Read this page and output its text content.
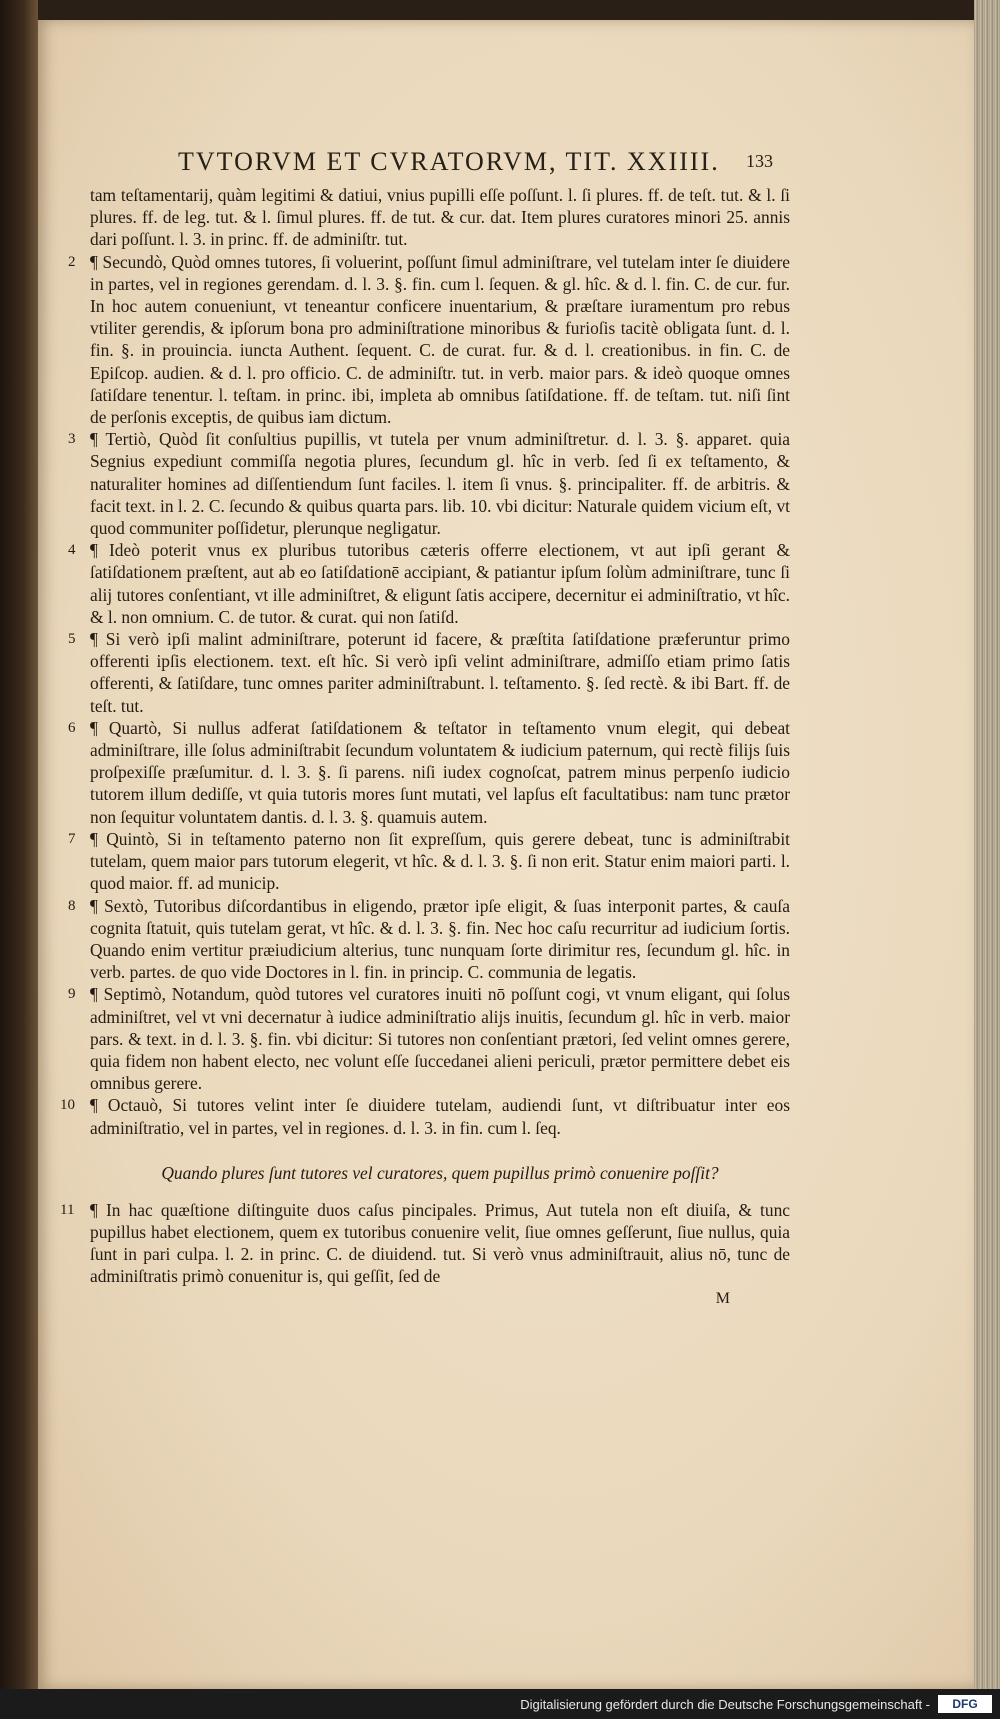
TVTORVM ET CVRATORVM, TIT. XXIIII.	133

tam teſtamentarij, quàm legitimi & datiui, vnius pupilli eſſe poſſunt. l. ſi plures. ff. de teſt. tut. & l. ſi plures. ff. de leg. tut. & l. ſimul plures. ff. de tut. & cur. dat. Item plures curatores minori 25. annis dari poſſunt. l. 3. in princ. ff. de adminiſtr. tut.

2 ¶ Secundò, Quòd omnes tutores, ſi voluerint, poſſunt ſimul adminiſtrare, vel tutelam inter ſe diuidere in partes, vel in regiones gerendam. d. l. 3. §. fin. cum l. ſequen. & gl. hîc. & d. l. fin. C. de cur. fur. In hoc autem conueniunt, vt teneantur conficere inuentarium, & præſtare iuramentum pro rebus vtiliter gerendis, & ipſorum bona pro adminiſtratione minoribus & furioſis tacitè obligata ſunt. d. l. fin. §. in prouincia. iuncta Authent. ſequent. C. de curat. fur. & d. l. creationibus. in fin. C. de Epiſcop. audien. & d. l. pro officio. C. de adminiſtr. tut. in verb. maior pars. & ideò quoque omnes ſatiſdare tenentur. l. teſtam. in princ. ibi, impleta ab omnibus ſatiſdatione. ff. de teſtam. tut. niſi ſint de perſonis exceptis, de quibus iam dictum.

3 ¶ Tertiò, Quòd ſit conſultius pupillis, vt tutela per vnum adminiſtretur. d. l. 3. §. apparet. quia Segnius expediunt commiſſa negotia plures, ſecundum gl. hîc in verb. ſed ſi ex teſtamento, & naturaliter homines ad diſſentiendum ſunt faciles. l. item ſi vnus. §. principaliter. ff. de arbitris. & facit text. in l. 2. C. ſecundo & quibus quarta pars. lib. 10. vbi dicitur: Naturale quidem vicium eſt, vt quod communiter poſſidetur, plerunque negligatur.

4 ¶ Ideò poterit vnus ex pluribus tutoribus cæteris offerre electionem, vt aut ipſi gerant & ſatiſdationem præſtent, aut ab eo ſatiſdationē accipiant, & patiantur ipſum ſolùm adminiſtrare, tunc ſi alij tutores conſentiant, vt ille adminiſtret, & eligunt ſatis accipere, decernitur ei adminiſtratio, vt hîc. & l. non omnium. C. de tutor. & curat. qui non ſatiſd.

5 ¶ Si verò ipſi malint adminiſtrare, poterunt id facere, & præſtita ſatiſdatione præferuntur primo offerenti ipſis electionem. text. eſt hîc. Si verò ipſi velint adminiſtrare, admiſſo etiam primo ſatis offerenti, & ſatiſdare, tunc omnes pariter adminiſtrabunt. l. teſtamento. §. ſed rectè. & ibi Bart. ff. de teſt. tut.

6 ¶ Quartò, Si nullus adferat ſatiſdationem & teſtator in teſtamento vnum elegit, qui debeat adminiſtrare, ille ſolus adminiſtrabit ſecundum voluntatem & iudicium paternum, qui rectè filijs ſuis proſpexiſſe præſumitur. d. l. 3. §. ſi parens. niſi iudex cognoſcat, patrem minus perpenſo iudicio tutorem illum dediſſe, vt quia tutoris mores ſunt mutati, vel lapſus eſt facultatibus: nam tunc prætor non ſequitur voluntatem dantis. d. l. 3. §. quamuis autem.

7 ¶ Quintò, Si in teſtamento paterno non ſit expreſſum, quis gerere debeat, tunc is adminiſtrabit tutelam, quem maior pars tutorum elegerit, vt hîc. & d. l. 3. §. ſi non erit. Statur enim maiori parti. l. quod maior. ff. ad municip.

8 ¶ Sextò, Tutoribus diſcordantibus in eligendo, prætor ipſe eligit, & ſuas interponit partes, & cauſa cognita ſtatuit, quis tutelam gerat, vt hîc. & d. l. 3. §. fin. Nec hoc caſu recurritur ad iudicium ſortis. Quando enim vertitur præiudicium alterius, tunc nunquam ſorte dirimitur res, ſecundum gl. hîc. in verb. partes. de quo vide Doctores in l. fin. in princip. C. communia de legatis.

9 ¶ Septimò, Notandum, quòd tutores vel curatores inuiti nō poſſunt cogi, vt vnum eligant, qui ſolus adminiſtret, vel vt vni decernatur à iudice adminiſtratio alijs inuitis, ſecundum gl. hîc in verb. maior pars. & text. in d. l. 3. §. fin. vbi dicitur: Si tutores non conſentiant prætori, ſed velint omnes gerere, quia fidem non habent electo, nec volunt eſſe ſuccedanei alieni periculi, prætor permittere debet eis omnibus gerere.

10 ¶ Octauò, Si tutores velint inter ſe diuidere tutelam, audiendi ſunt, vt diſtribuatur inter eos adminiſtratio, vel in partes, vel in regiones. d. l. 3. in fin. cum l. ſeq.

Quando plures ſunt tutores vel curatores, quem pupillus primò conuenire poſſit?

11 ¶ In hac quæſtione diſtinguite duos caſus pincipales. Primus, Aut tutela non eſt diuiſa, & tunc pupillus habet electionem, quem ex tutoribus conuenire velit, ſiue omnes geſſerunt, ſiue nullus, quia ſunt in pari culpa. l. 2. in princ. C. de diuidend. tut. Si verò vnus adminiſtrauit, alius nō, tunc de adminiſtratis primò conuenitur is, qui geſſit, ſed de

M

Digitalisierung gefördert durch die Deutsche Forschungsgemeinschaft -	DFG
